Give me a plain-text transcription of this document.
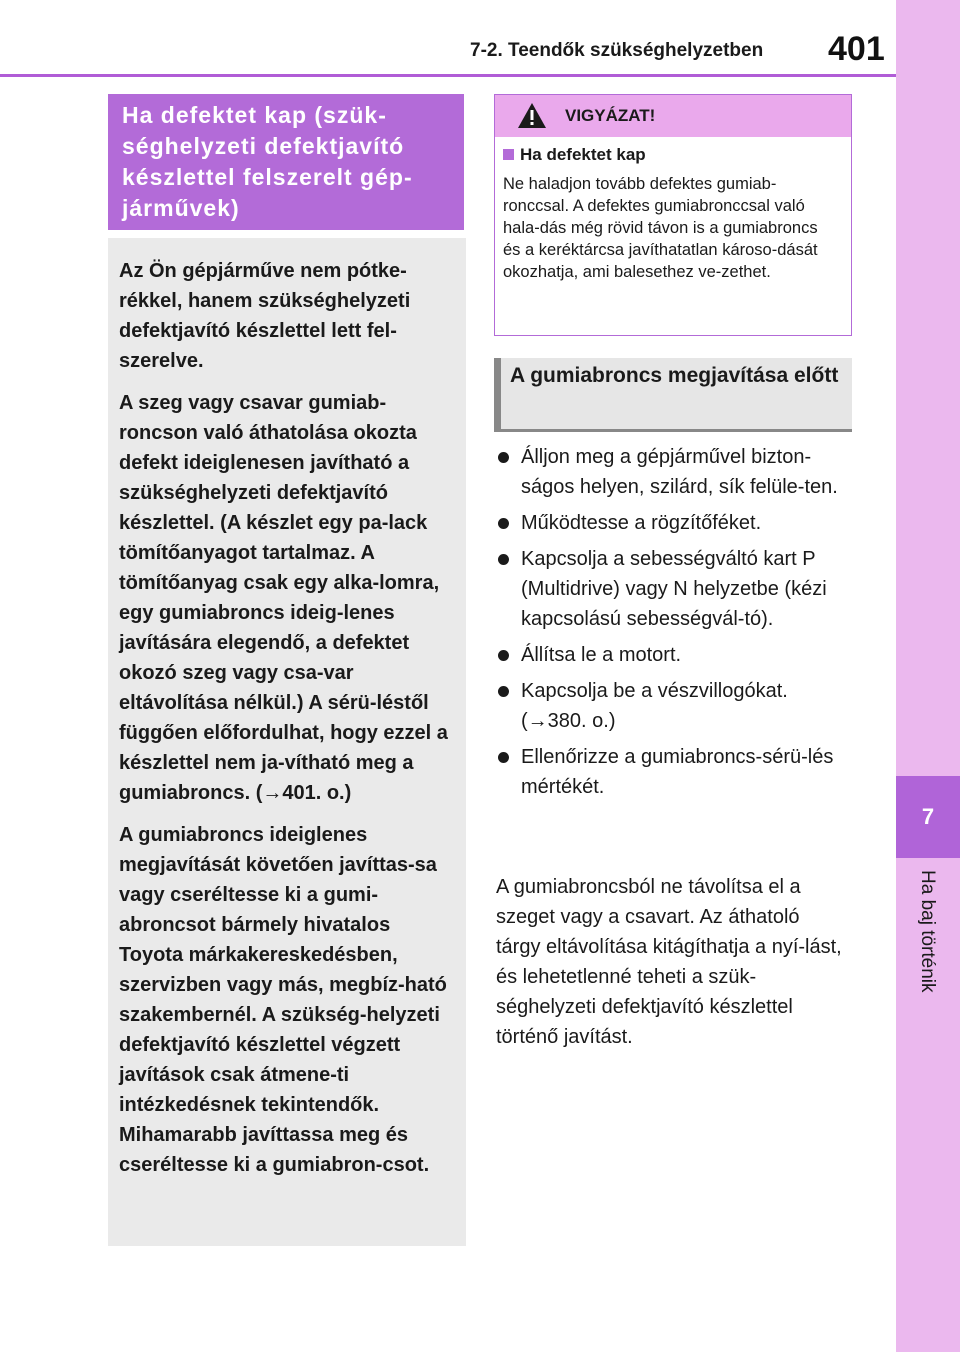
7-2. Teendők szükséghelyzetben 401
7
Ha baj történik
Ha defektet kap (szük-séghelyzeti defektjavító készlettel felszerelt gép-járművek)

Az Ön gépjárműve nem pótke-rékkel, hanem szükséghelyzeti defektjavító készlettel lett fel-szerelve.

A szeg vagy csavar gumiab-roncson való áthatolása okozta defekt ideiglenesen javítható a szükséghelyzeti defektjavító készlettel. (A készlet egy pa-lack tömítőanyagot tartalmaz. A tömítőanyag csak egy alka-lomra, egy gumiabroncs ideig-lenes javítására elegendő, a defektet okozó szeg vagy csa-var eltávolítása nélkül.) A sérü-léstől függően előfordulhat, hogy ezzel a készlettel nem ja-vítható meg a gumiabroncs. (→401. o.)

A gumiabroncs ideiglenes megjavítását követően javíttas-sa vagy cseréltesse ki a gumi-abroncsot bármely hivatalos Toyota márkakereskedésben, szervizben vagy más, megbíz-ható szakembernél. A szükség-helyzeti defektjavító készlettel végzett javítások csak átmene-ti intézkedésnek tekintendők. Mihamarabb javíttassa meg és cseréltesse ki a gumiabron-csot.

VIGYÁZAT!
Ha defektet kap
Ne haladjon tovább defektes gumiab-ronccsal. A defektes gumiabronccsal való hala-dás még rövid távon is a gumiabroncs és a keréktárcsa javíthatatlan károso-dását okozhatja, ami balesethez ve-zethet.
A gumiabroncs megjavítása előtt
Álljon meg a gépjárművel bizton-ságos helyen, szilárd, sík felüle-ten.
Működtesse a rögzítőféket.
Kapcsolja a sebességváltó kart P (Multidrive) vagy N helyzetbe (kézi kapcsolású sebességvál-tó).
Állítsa le a motort.
Kapcsolja be a vészvillogókat. (→380. o.)
Ellenőrizze a gumiabroncs-sérü-lés mértékét.
A gumiabroncsból ne távolítsa el a szeget vagy a csavart. Az áthatoló tárgy eltávolítása kitágíthatja a nyí-lást, és lehetetlenné teheti a szük-séghelyzeti defektjavító készlettel történő javítást.
